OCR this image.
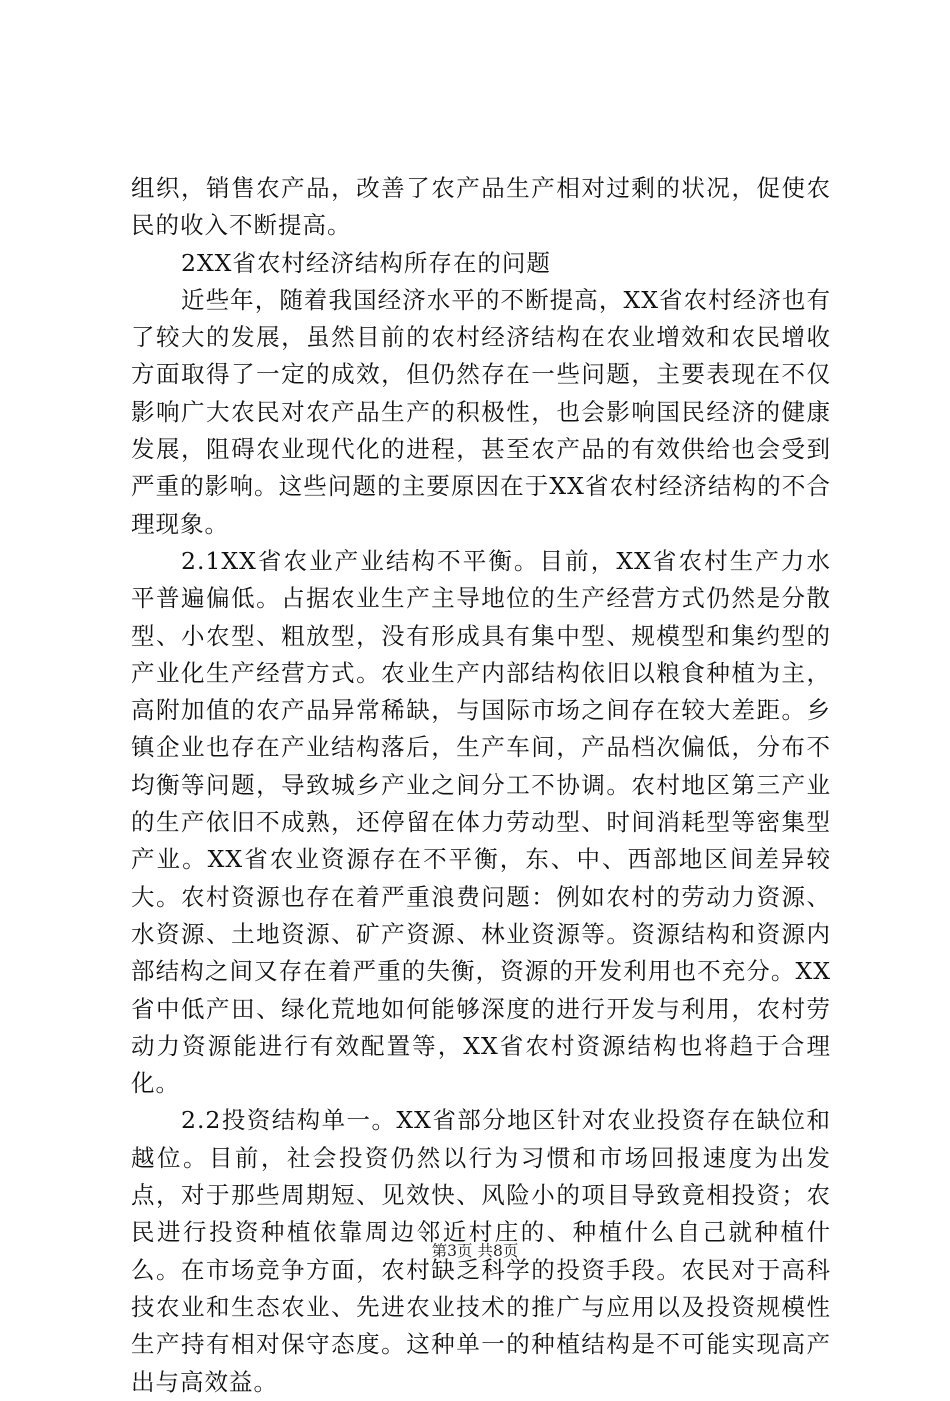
组织，销售农产品，改善了农产品生产相对过剩的状况，促使农民的收入不断提高。

2XX省农村经济结构所存在的问题

近些年，随着我国经济水平的不断提高，XX省农村经济也有了较大的发展，虽然目前的农村经济结构在农业增效和农民增收方面取得了一定的成效，但仍然存在一些问题，主要表现在不仅影响广大农民对农产品生产的积极性，也会影响国民经济的健康发展，阻碍农业现代化的进程，甚至农产品的有效供给也会受到严重的影响。这些问题的主要原因在于XX省农村经济结构的不合理现象。

2.1XX省农业产业结构不平衡。目前，XX省农村生产力水平普遍偏低。占据农业生产主导地位的生产经营方式仍然是分散型、小农型、粗放型，没有形成具有集中型、规模型和集约型的产业化生产经营方式。农业生产内部结构依旧以粮食种植为主，高附加值的农产品异常稀缺，与国际市场之间存在较大差距。乡镇企业也存在产业结构落后，生产车间，产品档次偏低，分布不均衡等问题，导致城乡产业之间分工不协调。农村地区第三产业的生产依旧不成熟，还停留在体力劳动型、时间消耗型等密集型产业。XX省农业资源存在不平衡，东、中、西部地区间差异较大。农村资源也存在着严重浪费问题：例如农村的劳动力资源、水资源、土地资源、矿产资源、林业资源等。资源结构和资源内部结构之间又存在着严重的失衡，资源的开发利用也不充分。XX省中低产田、绿化荒地如何能够深度的进行开发与利用，农村劳动力资源能进行有效配置等，XX省农村资源结构也将趋于合理化。

2.2投资结构单一。XX省部分地区针对农业投资存在缺位和越位。目前，社会投资仍然以行为习惯和市场回报速度为出发点，对于那些周期短、见效快、风险小的项目导致竟相投资；农民进行投资种植依靠周边邻近村庄的、种植什么自己就种植什么。在市场竞争方面，农村缺乏科学的投资手段。农民对于高科技农业和生态农业、先进农业技术的推广与应用以及投资规模性生产持有相对保守态度。这种单一的种植结构是不可能实现高产出与高效益。

第3页 共8页
